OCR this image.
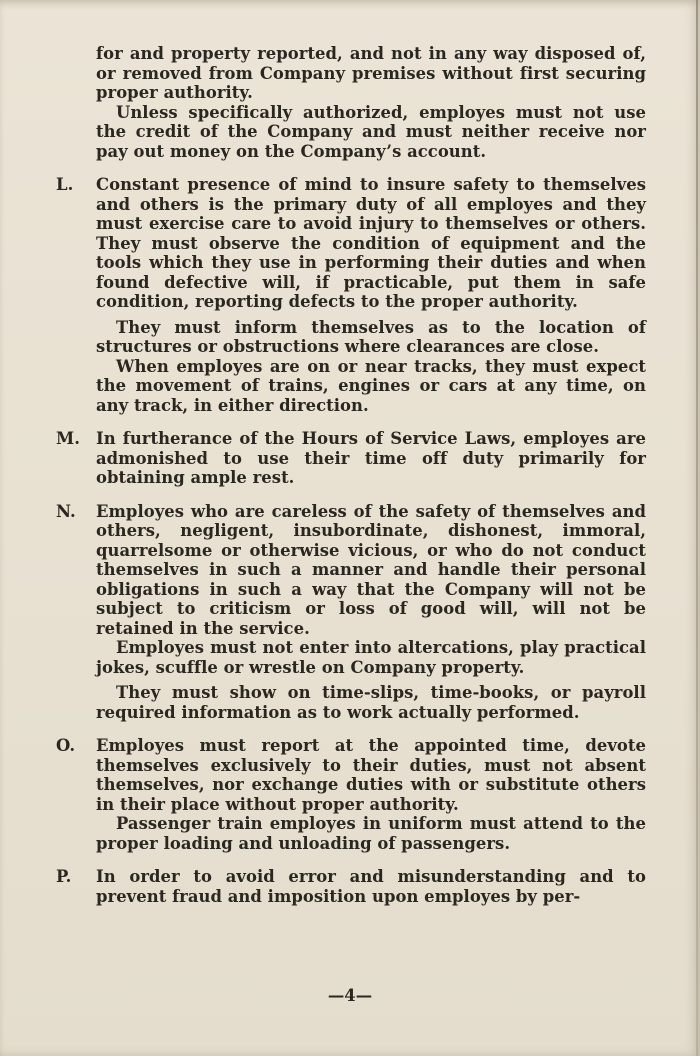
for and property reported, and not in any way disposed of, or removed from Company premises without first securing proper authority.

Unless specifically authorized, employes must not use the credit of the Company and must neither receive nor pay out money on the Company’s account.

L.	Constant presence of mind to insure safety to themselves and others is the primary duty of all employes and they must exercise care to avoid injury to themselves or others. They must observe the condition of equipment and the tools which they use in performing their duties and when found defective will, if practicable, put them in safe condition, reporting defects to the proper authority.

They must inform themselves as to the location of structures or obstructions where clearances are close.

When employes are on or near tracks, they must expect the movement of trains, engines or cars at any time, on any track, in either direction.

M. In furtherance of the Hours of Service Laws, employes are admonished to use their time off duty primarily for obtaining ample rest.

N.	Employes who are careless of the safety of themselves and others, negligent, insubordinate, dishonest, immoral, quarrelsome or otherwise vicious, or who do not conduct themselves in such a manner and handle their personal obligations in such a way that the Company will not be subject to criticism or loss of good will, will not be retained in the service.

Employes must not enter into altercations, play practical jokes, scuffle or wrestle on Company property.

They must show on time-slips, time-books, or payroll required information as to work actually performed.

O.	Employes must report at the appointed time, devote themselves exclusively to their duties, must not absent themselves, nor exchange duties with or substitute others in their place without proper authority.

Passenger train employes in uniform must attend to the proper loading and unloading of passengers.

P.	In order to avoid error and misunderstanding and to prevent fraud and imposition upon employes by per-

—4—
